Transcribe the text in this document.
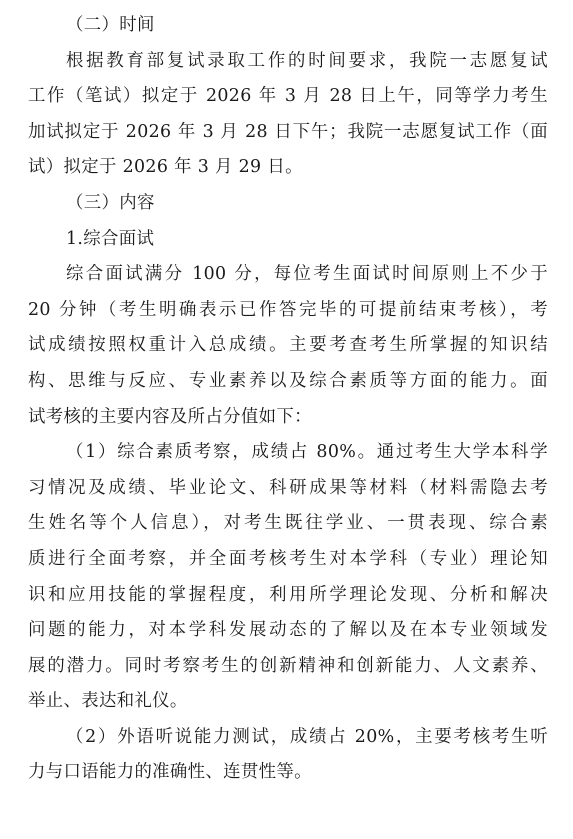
（二）时间
根据教育部复试录取工作的时间要求，我院一志愿复试
工作（笔试）拟定于 2026 年 3 月 28 日上午，同等学力考生
加试拟定于 2026 年 3 月 28 日下午；我院一志愿复试工作（面
试）拟定于 2026 年 3 月 29 日。
（三）内容
1.综合面试
综合面试满分 100 分，每位考生面试时间原则上不少于
20 分钟（考生明确表示已作答完毕的可提前结束考核），考
试成绩按照权重计入总成绩。主要考查考生所掌握的知识结
构、思维与反应、专业素养以及综合素质等方面的能力。面
试考核的主要内容及所占分值如下：
（1）综合素质考察，成绩占 80%。通过考生大学本科学
习情况及成绩、毕业论文、科研成果等材料（材料需隐去考
生姓名等个人信息），对考生既往学业、一贯表现、综合素
质进行全面考察，并全面考核考生对本学科（专业）理论知
识和应用技能的掌握程度，利用所学理论发现、分析和解决
问题的能力，对本学科发展动态的了解以及在本专业领域发
展的潜力。同时考察考生的创新精神和创新能力、人文素养、
举止、表达和礼仪。
（2）外语听说能力测试，成绩占 20%，主要考核考生听
力与口语能力的准确性、连贯性等。
